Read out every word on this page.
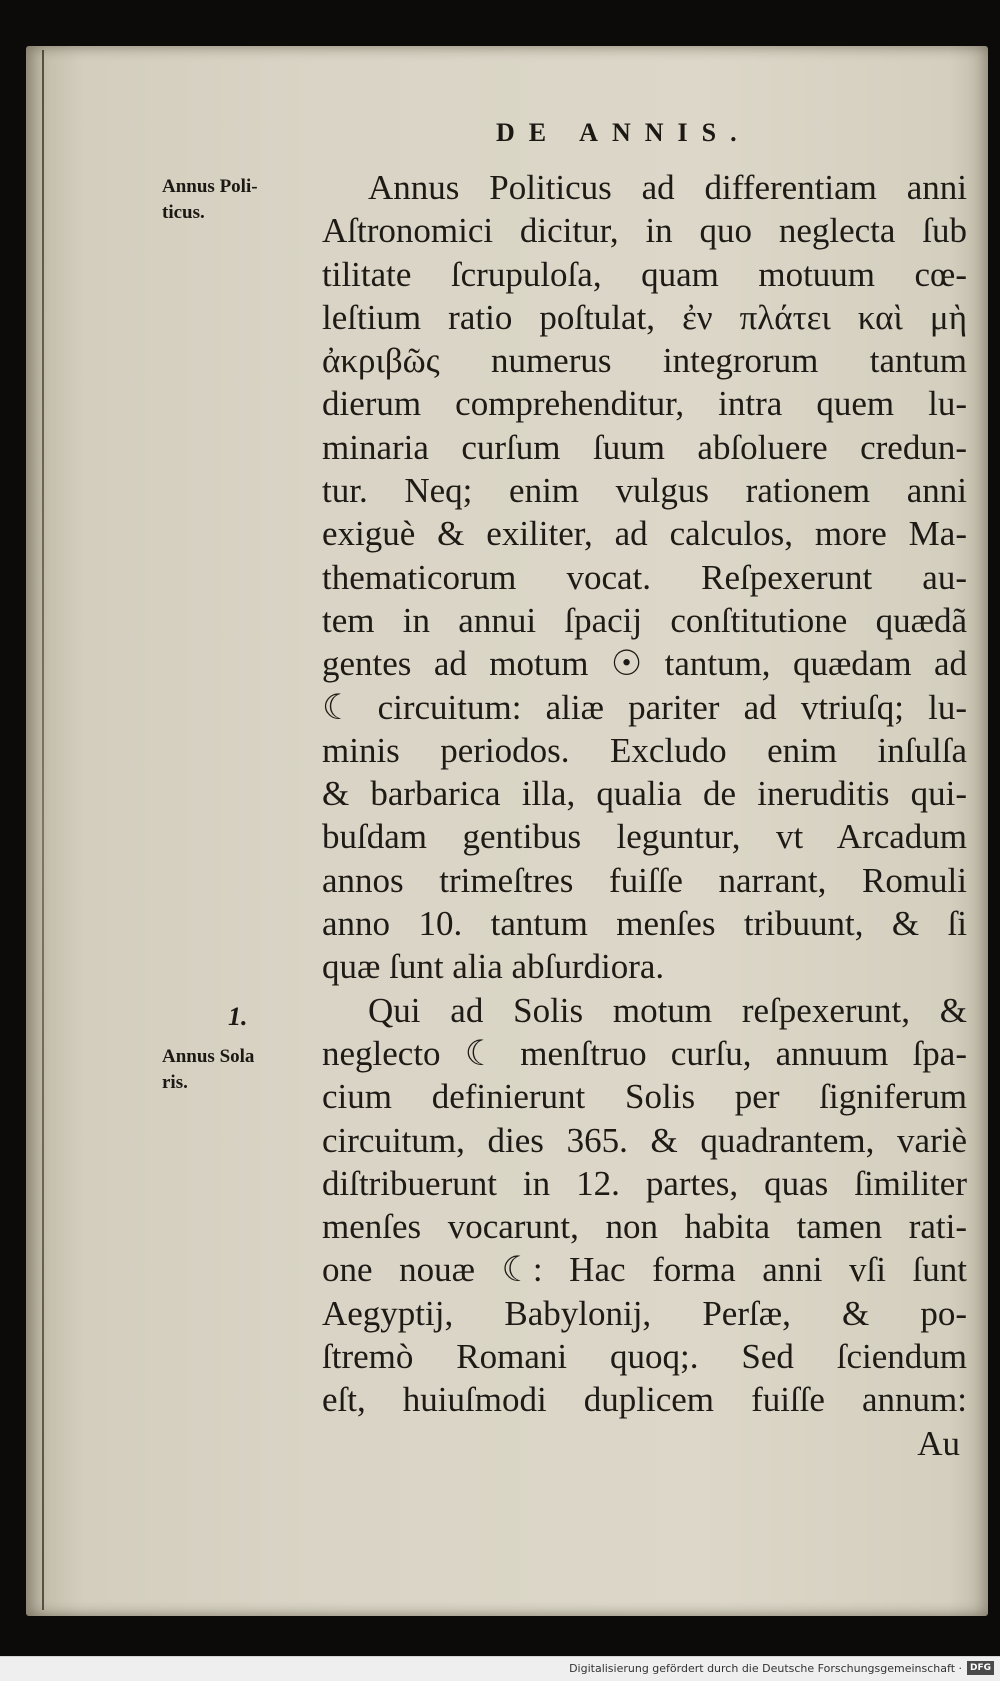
DE ANNIS.
Annus Poli-
ticus.
1.
Annus Sola
ris.
Annus Politicus ad differentiam anni
Aſtronomici dicitur, in quo neglecta ſub
tilitate ſcrupuloſa, quam motuum cœ-
leſtium ratio poſtulat, ἐν πλάτει καὶ μὴ
ἀκριβῶς numerus integrorum tantum
dierum comprehenditur, intra quem lu-
minaria curſum ſuum abſoluere credun-
tur. Neq; enim vulgus rationem anni
exiguè & exiliter, ad calculos, more Ma-
thematicorum vocat. Reſpexerunt au-
tem in annui ſpacij conſtitutione quædã
gentes ad motum ☉ tantum, quædam ad
☾ circuitum: aliæ pariter ad vtriuſq; lu-
minis periodos. Excludo enim inſulſa
& barbarica illa, qualia de ineruditis qui-
buſdam gentibus leguntur, vt Arcadum
annos trimeſtres fuiſſe narrant, Romuli
anno 10. tantum menſes tribuunt, & ſi
quæ ſunt alia abſurdiora.
Qui ad Solis motum reſpexerunt, &
neglecto ☾ menſtruo curſu, annuum ſpa-
cium definierunt Solis per ſigniferum
circuitum, dies 365. & quadrantem, variè
diſtribuerunt in 12. partes, quas ſimiliter
menſes vocarunt, non habita tamen rati-
one nouæ ☾: Hac forma anni vſi ſunt
Aegyptij, Babylonij, Perſæ, & po-
ſtremò Romani quoq;. Sed ſciendum
eſt, huiuſmodi duplicem fuiſſe annum:
Au
Digitalisierung gefördert durch die Deutsche Forschungsgemeinschaft · DFG
